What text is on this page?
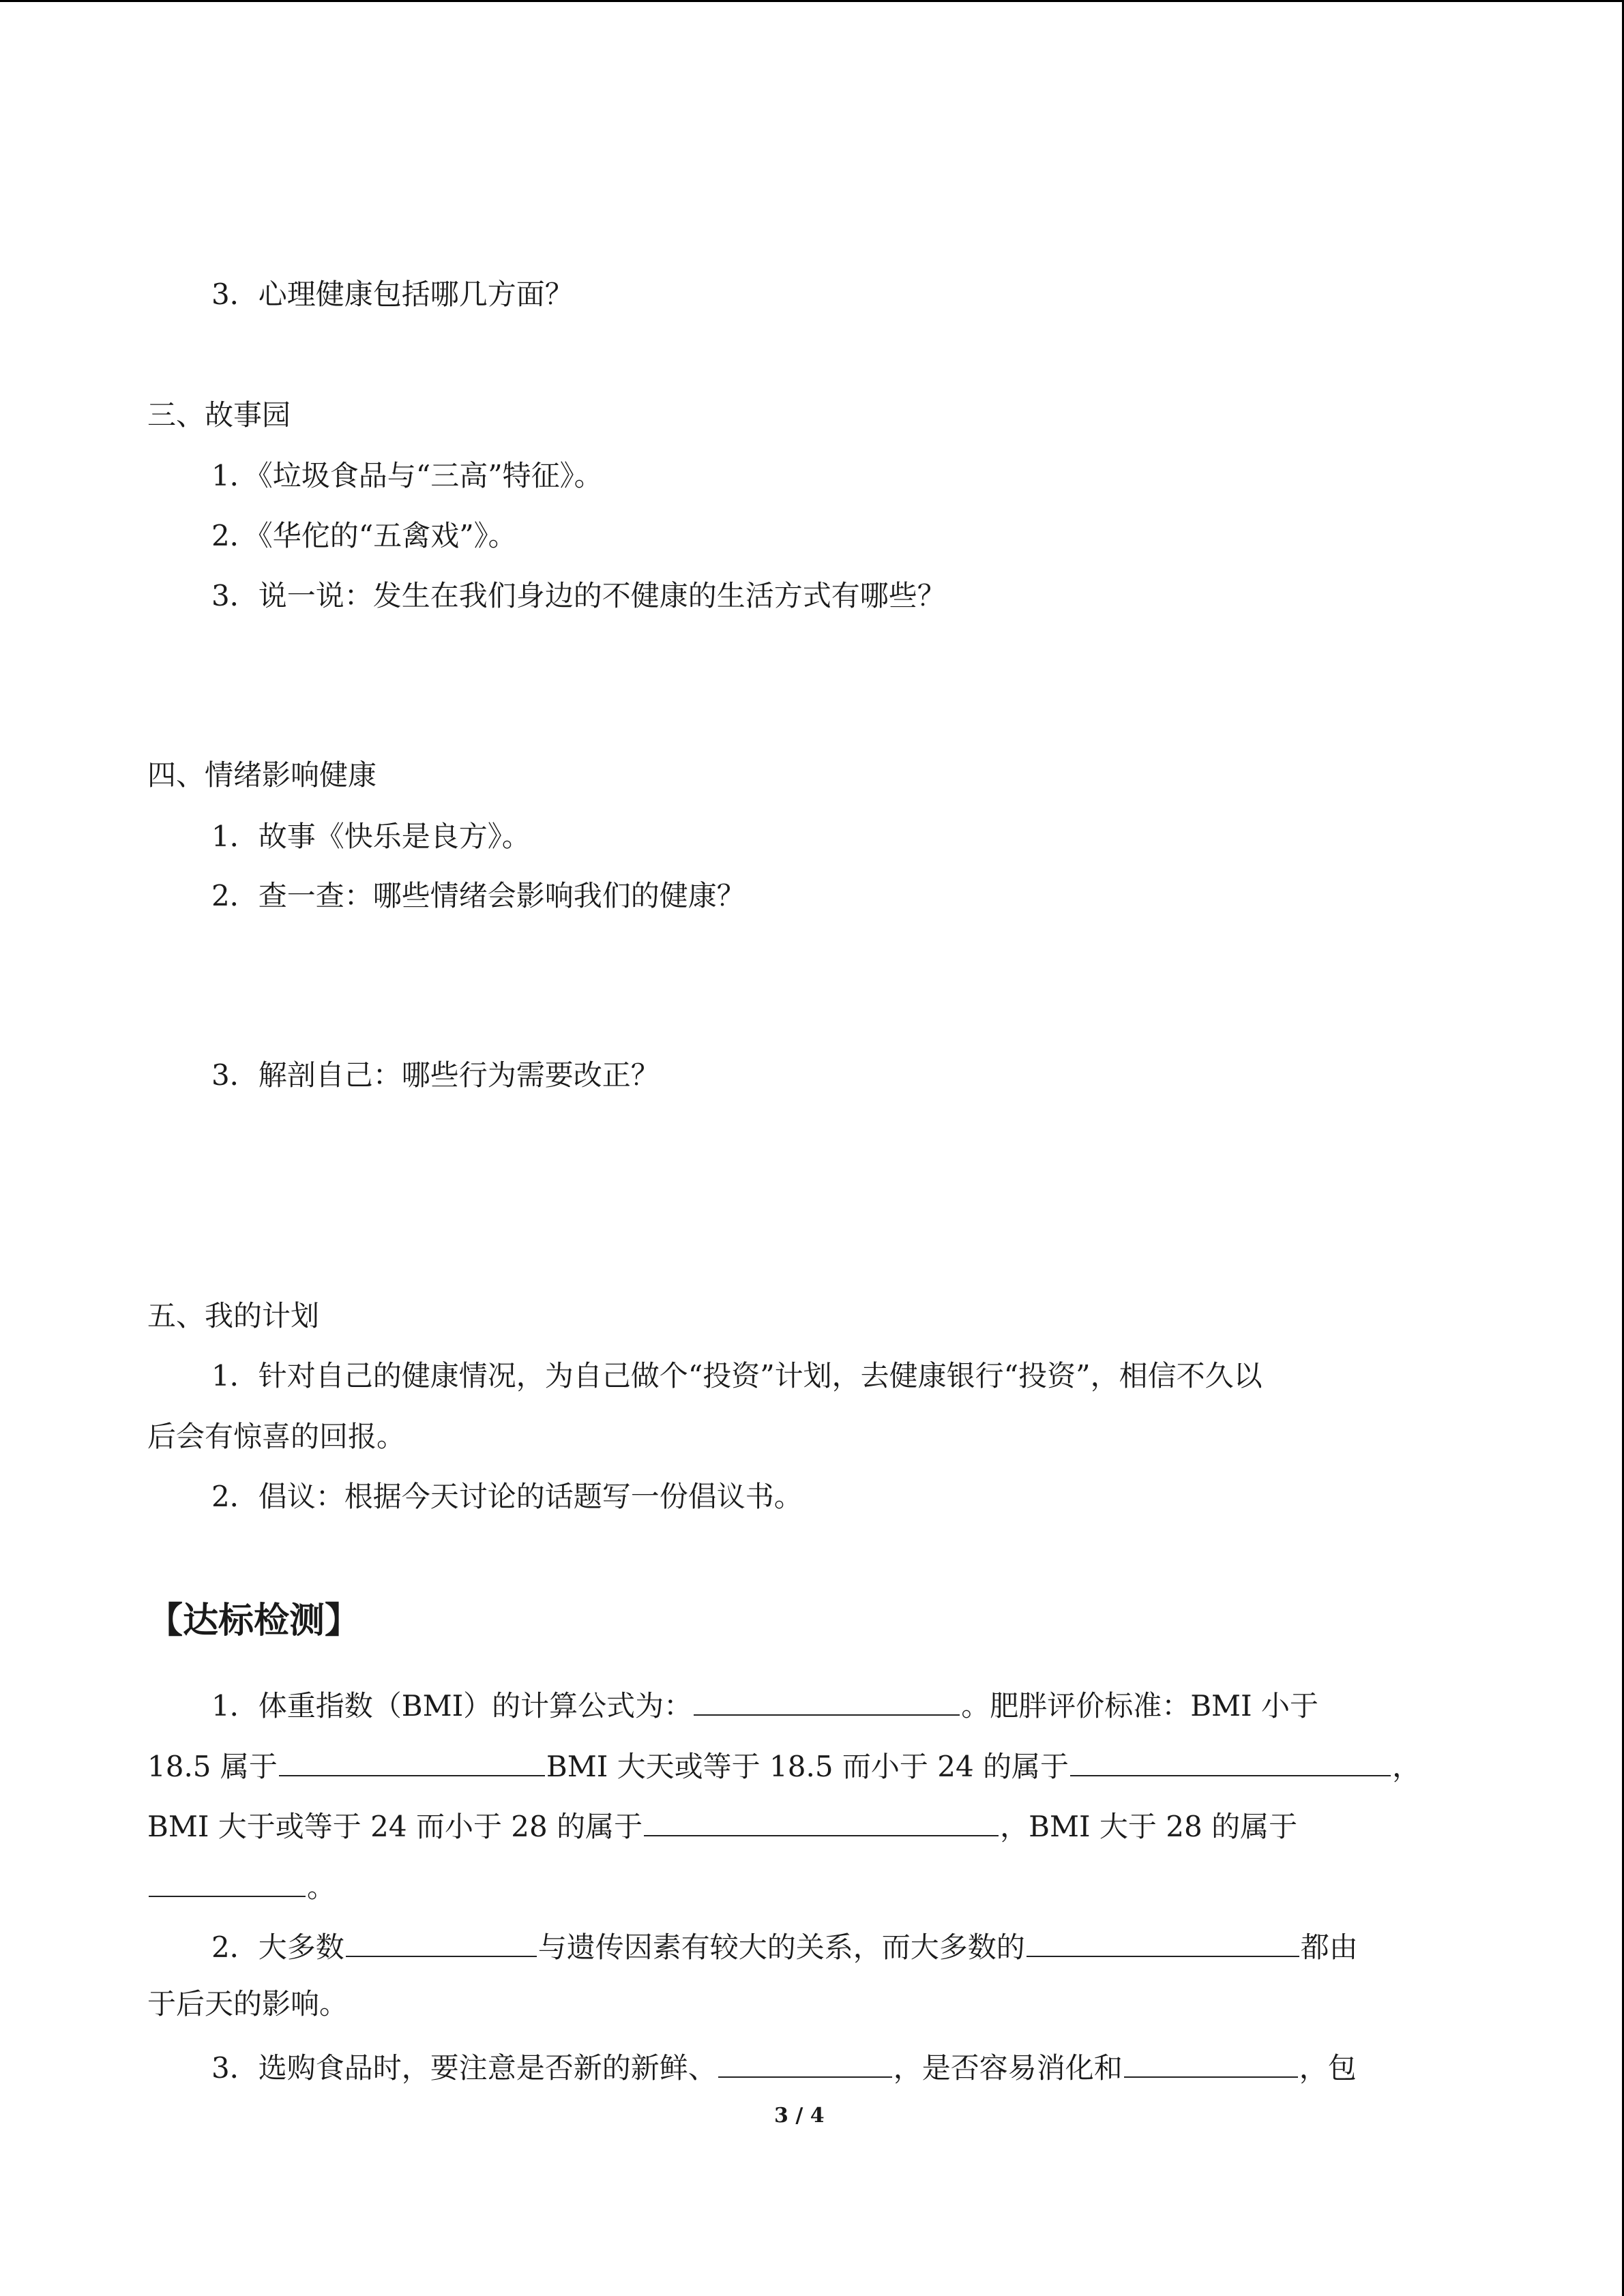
3．心理健康包括哪几方面？
三、故事园
1．《垃圾食品与“三高”特征》。
2．《华佗的“五禽戏”》。
3．说一说：发生在我们身边的不健康的生活方式有哪些？
四、情绪影响健康
1．故事《快乐是良方》。
2．查一查：哪些情绪会影响我们的健康？
3．解剖自己：哪些行为需要改正？
五、我的计划
1．针对自己的健康情况，为自己做个“投资”计划，去健康银行“投资”，相信不久以
后会有惊喜的回报。
2．倡议：根据今天讨论的话题写一份倡议书。
【达标检测】
1．体重指数（BMI）的计算公式为：	。肥胖评价标准：BMI 小于
18.5 属于	BMI 大天或等于 18.5 而小于 24 的属于	，
BMI 大于或等于 24 而小于 28 的属于	，BMI 大于 28 的属于
。
2．大多数	与遗传因素有较大的关系，而大多数的	都由
于后天的影响。
3．选购食品时，要注意是否新的新鲜、	，是否容易消化和	，包
3 / 4
